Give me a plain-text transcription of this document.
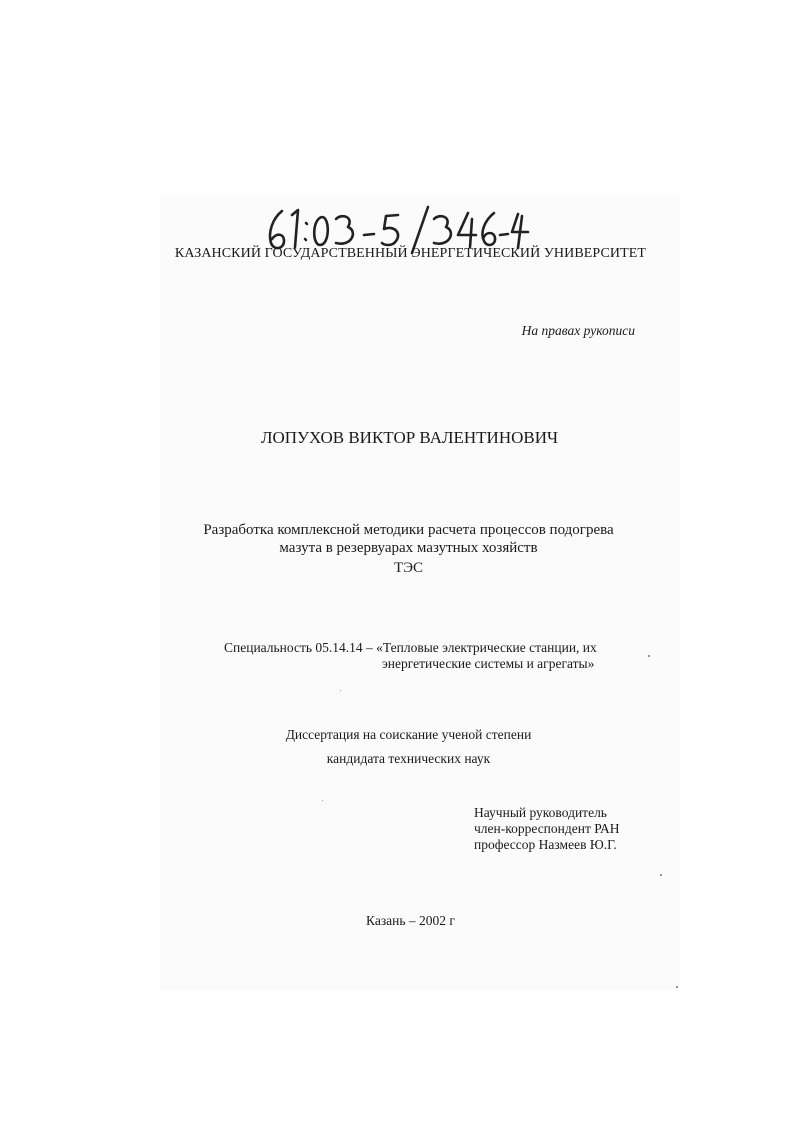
КАЗАНСКИЙ ГОСУДАРСТВЕННЫЙ ЭНЕРГЕТИЧЕСКИЙ УНИВЕРСИТЕТ

На правах рукописи

ЛОПУХОВ ВИКТОР ВАЛЕНТИНОВИЧ

Разработка комплексной методики расчета процессов подогрева

мазута в резервуарах мазутных хозяйств

ТЭС

Специальность 05.14.14 – «Тепловые электрические станции, их

энергетические системы и агрегаты»

Диссертация на соискание ученой степени

кандидата технических наук

Научный руководитель

член-корреспондент РАН

профессор Назмеев Ю.Г.

Казань – 2002 г
